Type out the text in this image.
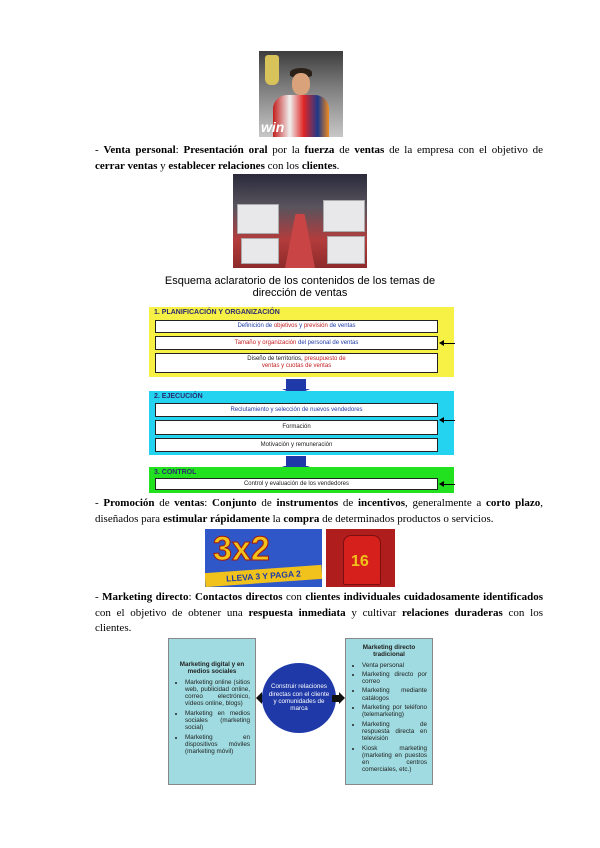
win
- Venta personal: Presentación oral por la fuerza de ventas de la empresa con el objetivo de cerrar ventas y establecer relaciones con los clientes.
Esquema aclaratorio de los contenidos de los temas de
dirección de ventas
1. PLANIFICACIÓN Y ORGANIZACIÓN
Definición de objetivos y previsión de ventas
Tamaño y organización del personal de ventas
Diseño de territorios, presupuesto de
ventas y cuotas de ventas
2. EJECUCIÓN
Reclutamiento y selección de nuevos vendedores
Formación
Motivación y remuneración
3. CONTROL
Control y evaluación de los vendedores
- Promoción de ventas: Conjunto de instrumentos de incentivos, generalmente a corto plazo, diseñados para estimular rápidamente la compra de determinados productos o servicios.
3x2
LLEVA 3 Y PAGA 2
16
- Marketing directo: Contactos directos con clientes individuales cuidadosamente identificados con el objetivo de obtener una respuesta inmediata y cultivar relaciones duraderas con los clientes.
Marketing digital y en medios sociales
• Marketing online (sitios web, publicidad online, correo electrónico, vídeos online, blogs)
• Marketing en medios sociales (marketing social)
• Marketing en dispositivos móviles (marketing móvil)
Construir relaciones directas con el cliente y comunidades de marca
Marketing directo tradicional
• Venta personal
• Marketing directo por correo
• Marketing mediante catálogos
• Marketing por teléfono (telemarketing)
• Marketing de respuesta directa en televisión
• Kiosk marketing (marketing en puestos en centros comerciales, etc.)
